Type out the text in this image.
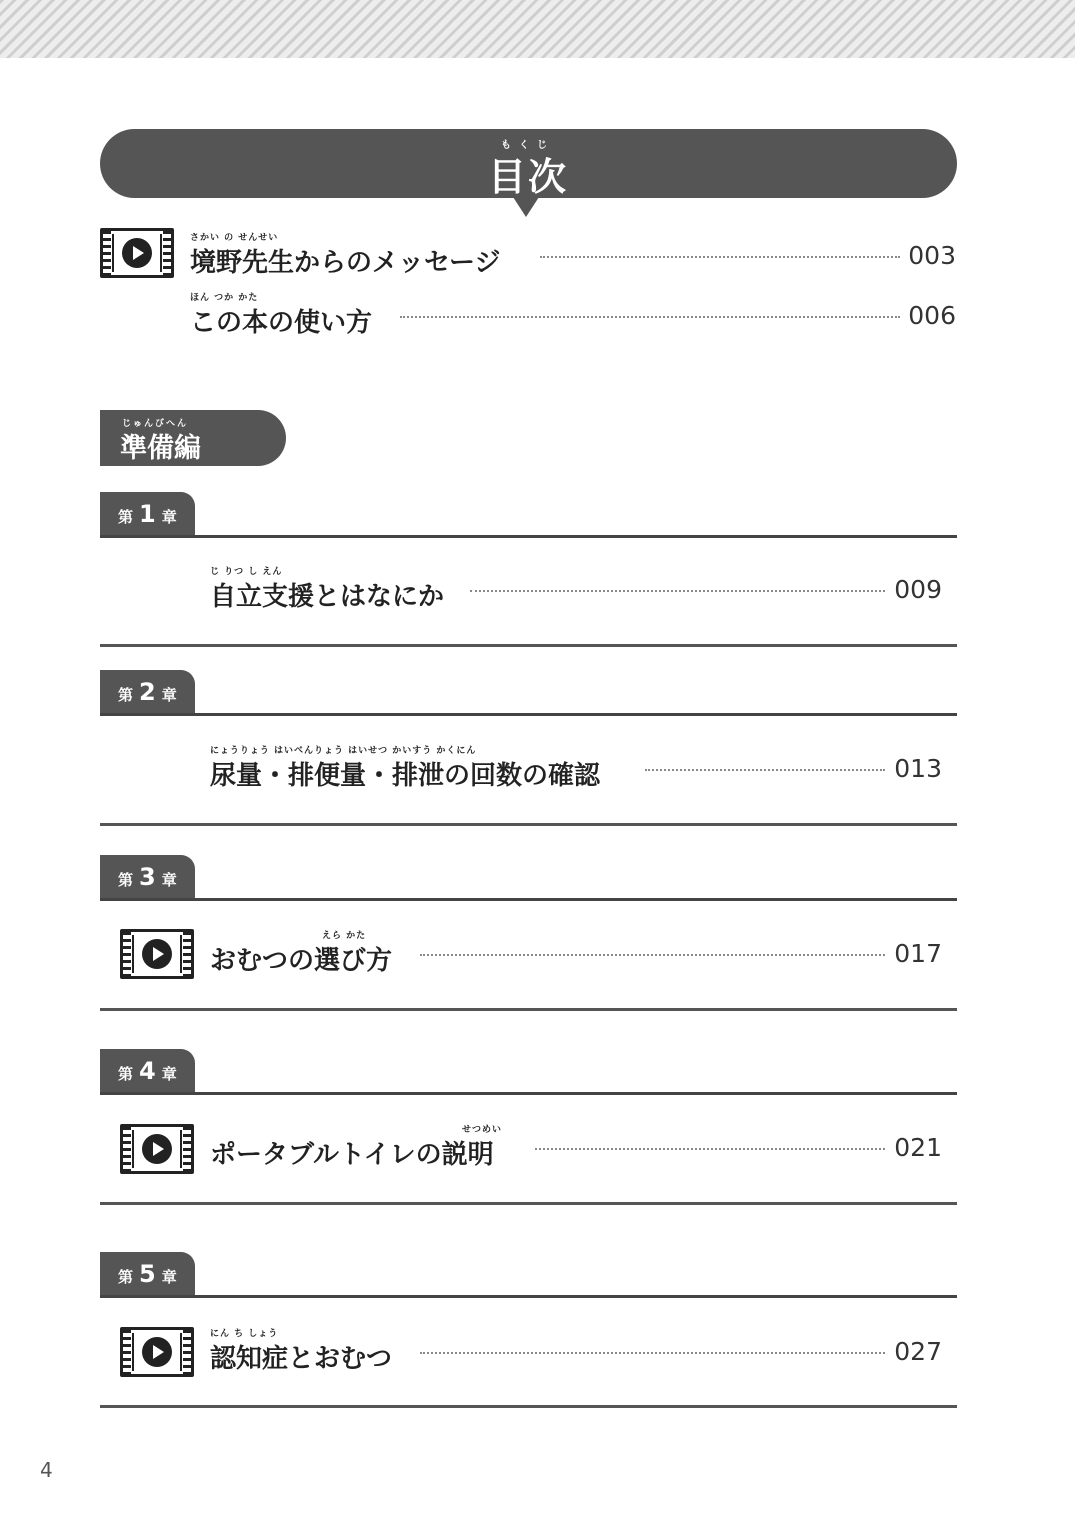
もくじ
目次
さかい の せんせい
境野先生からのメッセージ	003
ほん つか かた
この本の使い方	006
じゅんびへん
準備編
第 1 章
じ りつ し えん
自立支援とはなにか	009
第 2 章
にょうりょう はいべんりょう はいせつ かいすう かくにん
尿量・排便量・排泄の回数の確認	013
第 3 章
えら かた
おむつの選び方	017
第 4 章
せつめい
ポータブルトイレの説明	021
第 5 章
にん ち しょう
認知症とおむつ	027
4
